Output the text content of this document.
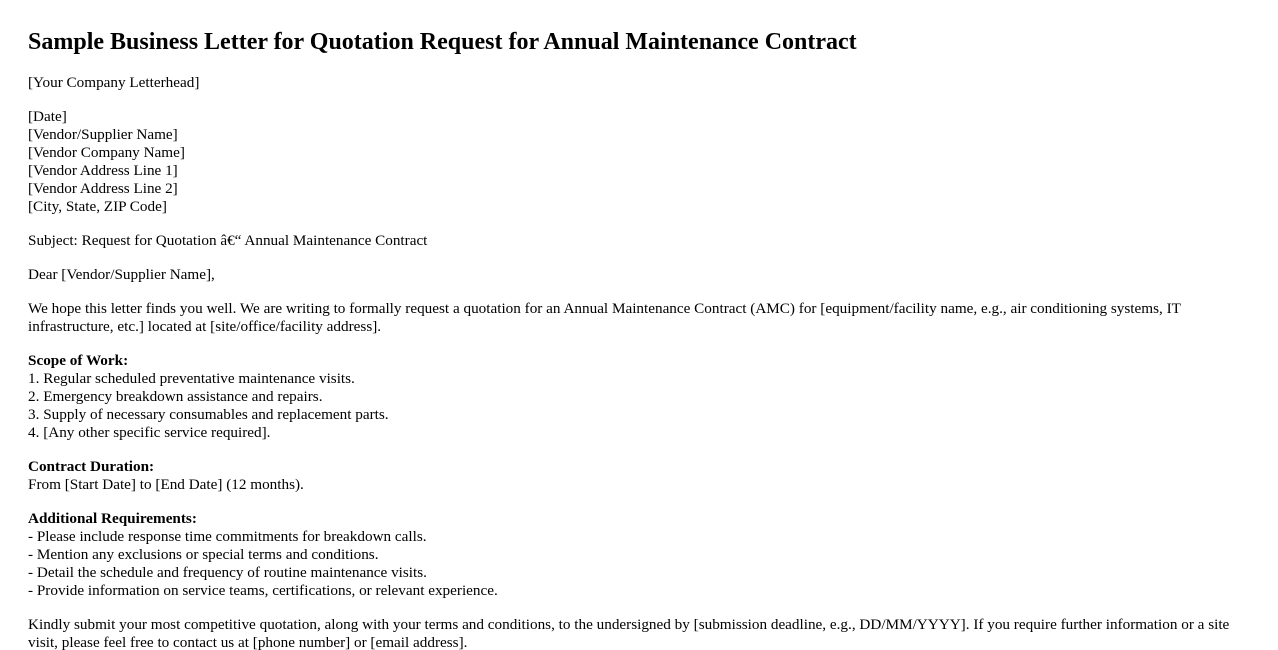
Sample Business Letter for Quotation Request for Annual Maintenance Contract

[Your Company Letterhead]

[Date]
[Vendor/Supplier Name]
[Vendor Company Name]
[Vendor Address Line 1]
[Vendor Address Line 2]
[City, State, ZIP Code]

Subject: Request for Quotation â€“ Annual Maintenance Contract

Dear [Vendor/Supplier Name],

We hope this letter finds you well. We are writing to formally request a quotation for an Annual Maintenance Contract (AMC) for [equipment/facility name, e.g., air conditioning systems, IT infrastructure, etc.] located at [site/office/facility address].

Scope of Work:
1. Regular scheduled preventative maintenance visits.
2. Emergency breakdown assistance and repairs.
3. Supply of necessary consumables and replacement parts.
4. [Any other specific service required].

Contract Duration:
From [Start Date] to [End Date] (12 months).

Additional Requirements:
- Please include response time commitments for breakdown calls.
- Mention any exclusions or special terms and conditions.
- Detail the schedule and frequency of routine maintenance visits.
- Provide information on service teams, certifications, or relevant experience.

Kindly submit your most competitive quotation, along with your terms and conditions, to the undersigned by [submission deadline, e.g., DD/MM/YYYY]. If you require further information or a site visit, please feel free to contact us at [phone number] or [email address].
